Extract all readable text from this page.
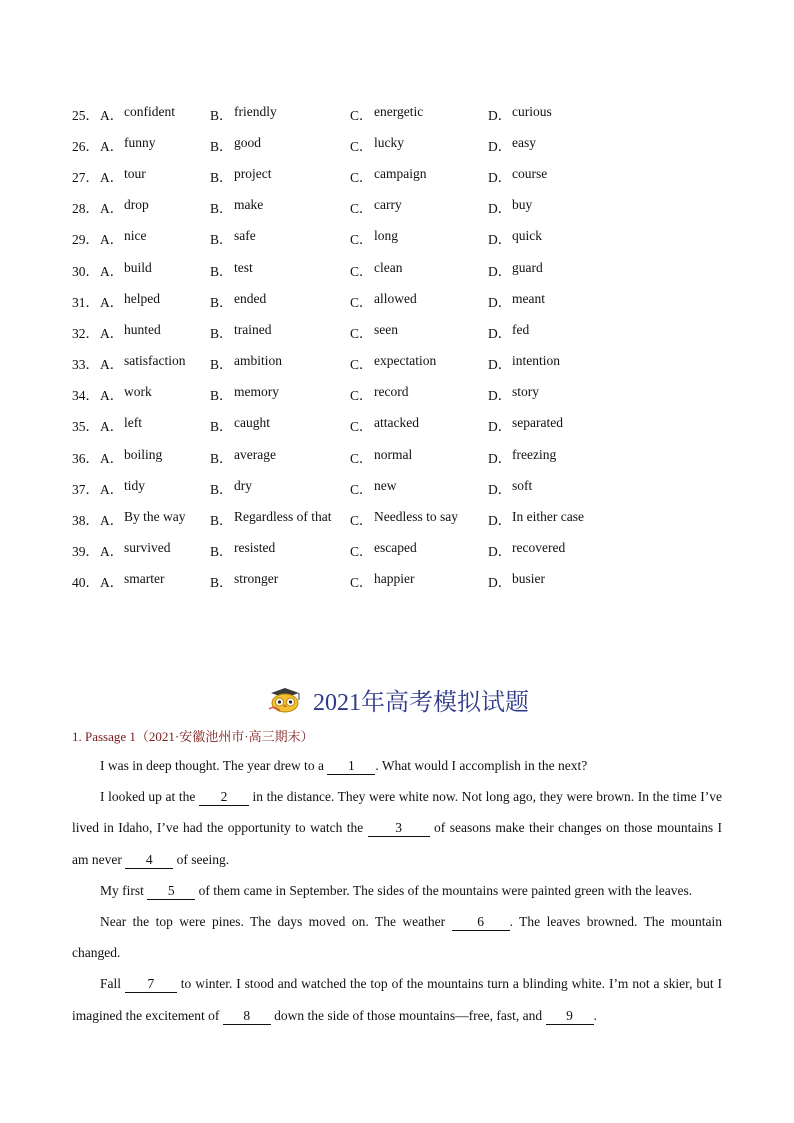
25． A． confident	B． friendly	C． energetic	D． curious
26． A． funny	B． good	C． lucky	D． easy
27． A． tour	B． project	C． campaign	D． course
28． A． drop	B． make	C． carry	D． buy
29． A． nice	B． safe	C． long	D． quick
30． A． build	B． test	C． clean	D． guard
31． A． helped	B． ended	C． allowed	D． meant
32． A． hunted	B． trained	C． seen	D． fed
33． A． satisfaction B． ambition	C． expectation	D． intention
34． A． work	B． memory	C． record	D． story
35． A． left	B． caught	C． attacked	D． separated
36． A． boiling	B． average	C． normal	D． freezing
37． A． tidy	B． dry	C． new	D． soft
38． A． By the way B． Regardless of that C． Needless to say D． In either case
39． A． survived	B． resisted	C． escaped	D． recovered
40． A． smarter	B． stronger	C． happier	D． busier
2021年高考模拟试题
1. Passage 1（2021·安徽池州市·高三期末）

I was in deep thought. The year drew to a 1 . What would I accomplish in the next?

I looked up at the 2 in the distance. They were white now. Not long ago, they were brown. In the time I’ve lived in Idaho, I’ve had the opportunity to watch the 3 of seasons make their changes on those mountains I am never 4 of seeing.

My first 5 of them came in September. The sides of the mountains were painted green with the leaves.

Near the top were pines. The days moved on. The weather 6 . The leaves browned. The mountain changed.

Fall 7 to winter. I stood and watched the top of the mountains turn a blinding white. I’m not a skier, but I imagined the excitement of 8 down the side of those mountains—free, fast, and 9 .
